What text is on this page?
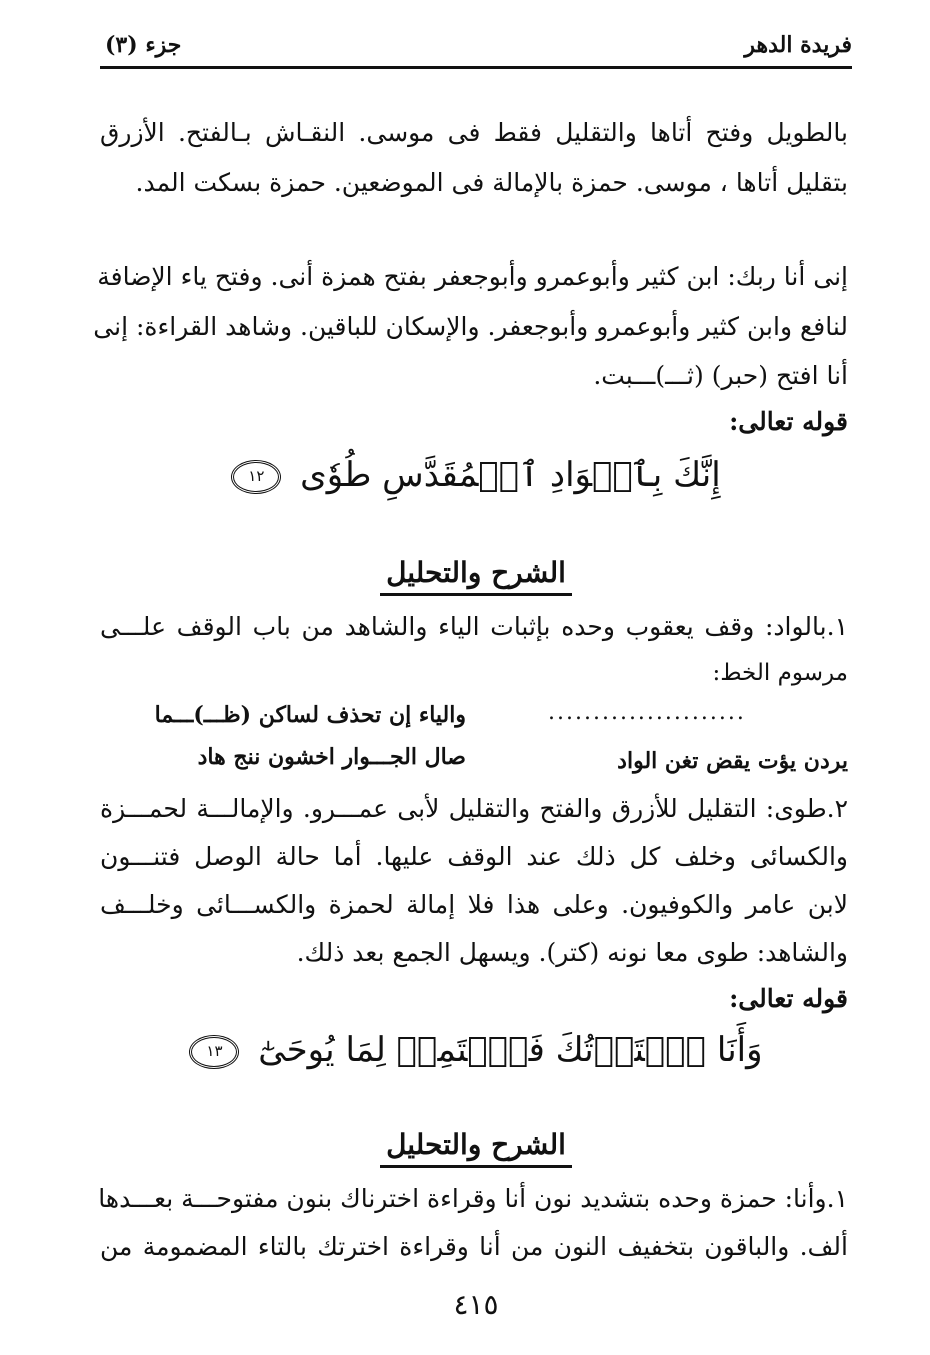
فريدة الدهر
جزء (٣)
بالطويل وفتح أتاها والتقليل فقط فى موسى. النقـاش بـالفتح. الأزرق
بتقليل أتاها ، موسى. حمزة بالإمالة فى الموضعين. حمزة بسكت المد.
إنى أنا ربك: ابن كثير وأبوعمرو وأبوجعفر بفتح همزة أنى. وفتح ياء الإضافة
لنافع وابن كثير وأبوعمرو وأبوجعفر. والإسكان للباقين. وشاهد القراءة: إنى
أنا افتح (حبر) (ثـــ)ـــبت.
قوله تعالى:
إِنَّكَ بِٱلۡوَادِ ٱلۡمُقَدَّسِ طُوٗى ١٢
الشرح والتحليل
١.بالواد: وقف يعقوب وحده بإثبات الياء والشاهد من باب الوقف علـــى
مرسوم الخط:
والياء إن تحذف لساكن (ظـــ)ـــما	......................
يردن يؤت يقض تغن الواد
صال الجـــوار اخشون ننج هاد
٢.طوى: التقليل للأزرق والفتح والتقليل لأبى عمـــرو. والإمالـــة لحمـــزة
والكسائى وخلف كل ذلك عند الوقف عليها. أما حالة الوصل فتنـــون
لابن عامر والكوفيون. وعلى هذا فلا إمالة لحمزة والكســـائى وخلـــف
والشاهد: طوى معا نونه (كتر). ويسهل الجمع بعد ذلك.
قوله تعالى:
وَأَنَا ٱخۡتَرۡتُكَ فَٱسۡتَمِعۡ لِمَا يُوحَىٰٓ ١٣
الشرح والتحليل
١.وأنا: حمزة وحده بتشديد نون أنا وقراءة اخترناك بنون مفتوحـــة بعـــدها
ألف. والباقون بتخفيف النون من أنا وقراءة اخترتك بالتاء المضمومة من
٤١٥
